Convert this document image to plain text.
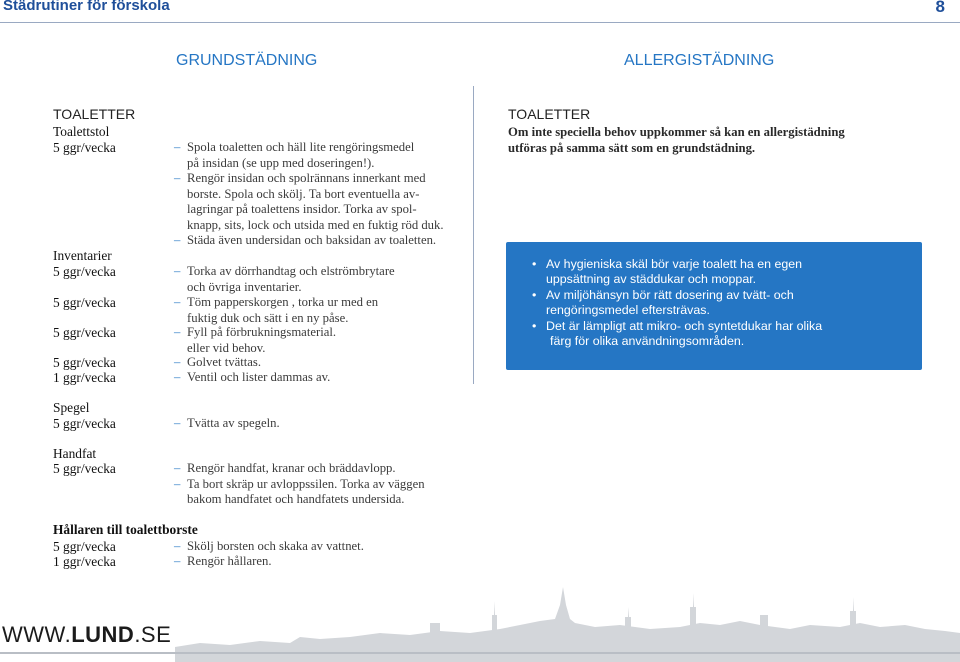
Städrutiner för förskola	8
GRUNDSTÄDNING	ALLERGISTÄDNING
TOALETTER
Toalettstol
5 ggr/vecka	– Spola toaletten och häll lite rengöringsmedel
på insidan (se upp med doseringen!).
– Rengör insidan och spolrännans innerkant med
borste. Spola och skölj. Ta bort eventuella av-
lagringar på toalettens insidor. Torka av spol-
knapp, sits, lock och utsida med en fuktig röd duk.
– Städa även undersidan och baksidan av toaletten.
Inventarier
5 ggr/vecka	– Torka av dörrhandtag och elströmbrytare
och övriga inventarier.
5 ggr/vecka	– Töm papperskorgen , torka ur med en
fuktig duk och sätt i en ny påse.
5 ggr/vecka	– Fyll på förbrukningsmaterial.
eller vid behov.
5 ggr/vecka	– Golvet tvättas.
1 ggr/vecka	– Ventil och lister dammas av.
Spegel
5 ggr/vecka	– Tvätta av spegeln.
Handfat
5 ggr/vecka	– Rengör handfat, kranar och bräddavlopp.
– Ta bort skräp ur avloppssilen. Torka av väggen
bakom handfatet och handfatets undersida.
Hållaren till toalettborste
5 ggr/vecka	– Skölj borsten och skaka av vattnet.
1 ggr/vecka	– Rengör hållaren.
TOALETTER
Om inte speciella behov uppkommer så kan en allergistädning
utföras på samma sätt som en grundstädning.
• Av hygieniska skäl bör varje toalett ha en egen
uppsättning av städdukar och moppar.
• Av miljöhänsyn bör rätt dosering av tvätt- och
rengöringsmedel eftersträvas.
• Det är lämpligt att mikro- och syntetdukar har olika
färg för olika användningsområden.
WWW.LUND.SE
